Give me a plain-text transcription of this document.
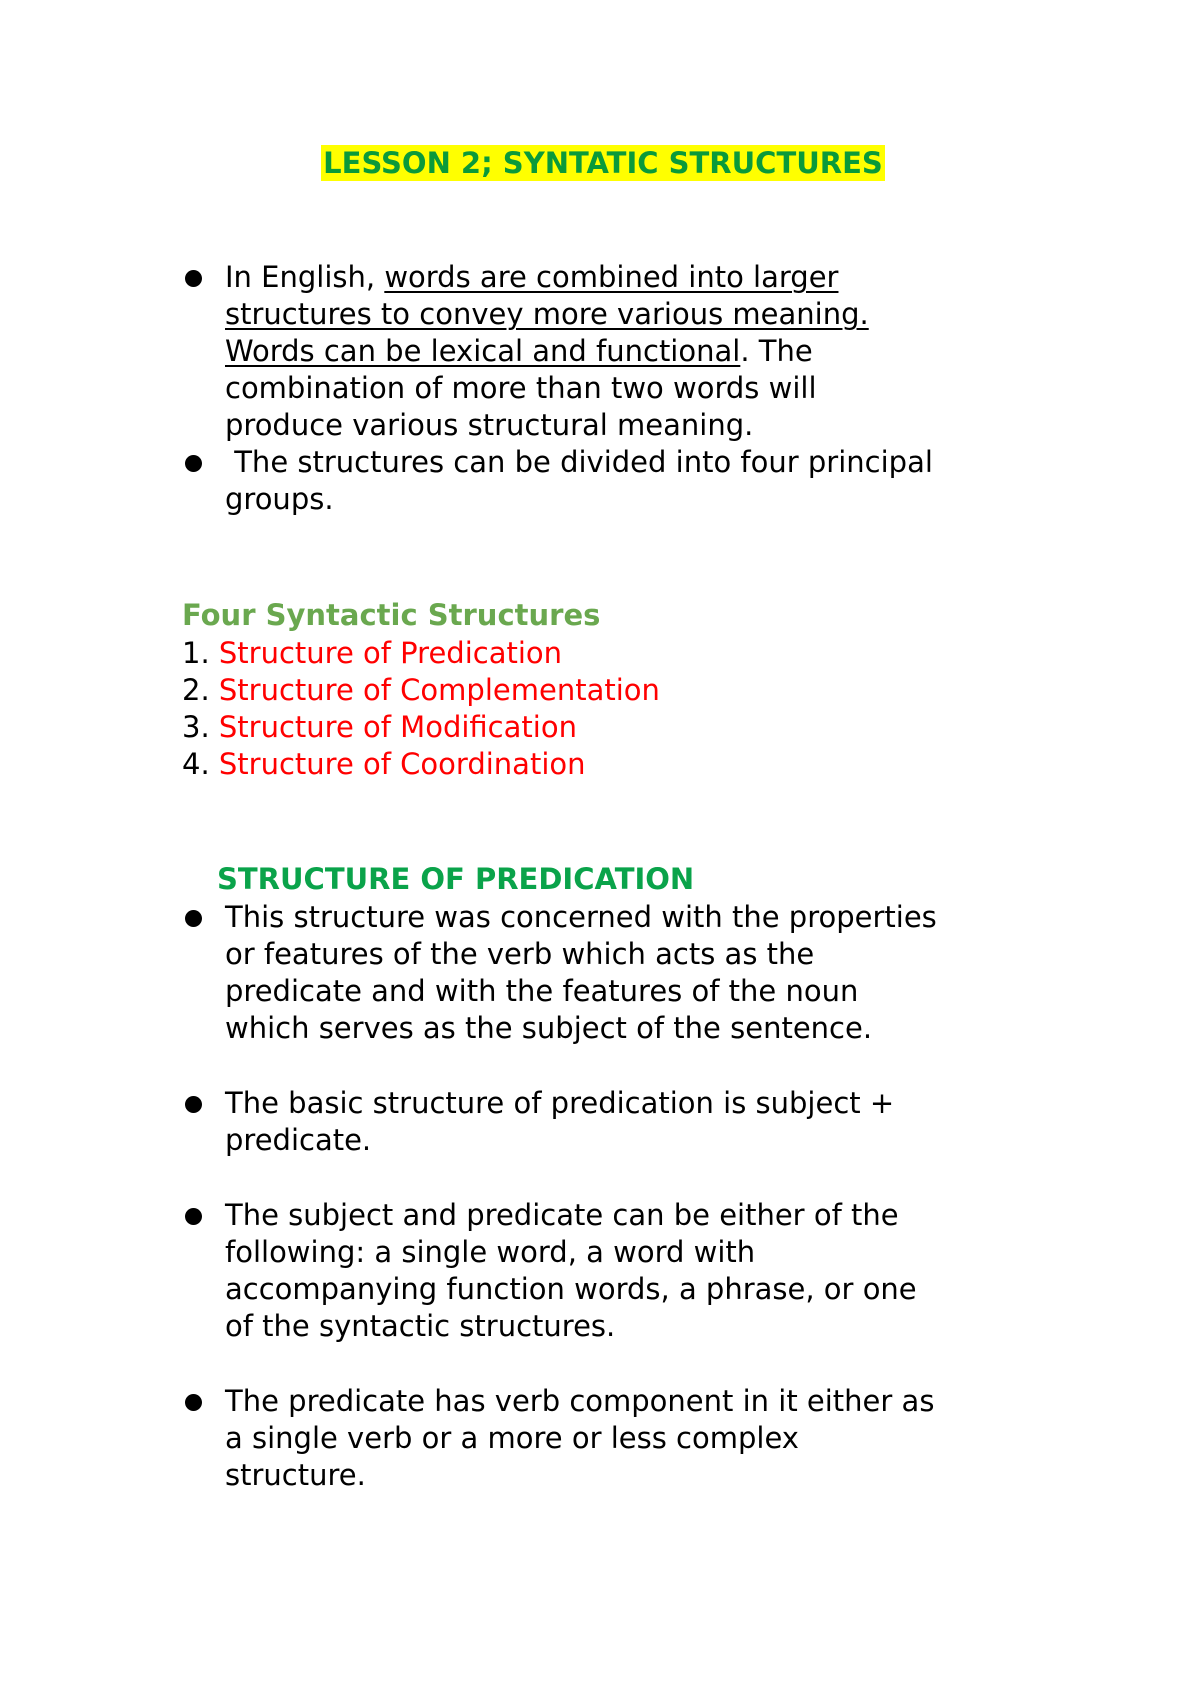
LESSON 2; SYNTATIC STRUCTURES
In English, words are combined into larger
structures to convey more various meaning.
Words can be lexical and functional. The
combination of more than two words will
produce various structural meaning.
The structures can be divided into four principal
groups.
Four Syntactic Structures
1. Structure of Predication
2. Structure of Complementation
3. Structure of Modification
4. Structure of Coordination
STRUCTURE OF PREDICATION
This structure was concerned with the properties
or features of the verb which acts as the
predicate and with the features of the noun
which serves as the subject of the sentence.
The basic structure of predication is subject +
predicate.
The subject and predicate can be either of the
following: a single word, a word with
accompanying function words, a phrase, or one
of the syntactic structures.
The predicate has verb component in it either as
a single verb or a more or less complex
structure.
